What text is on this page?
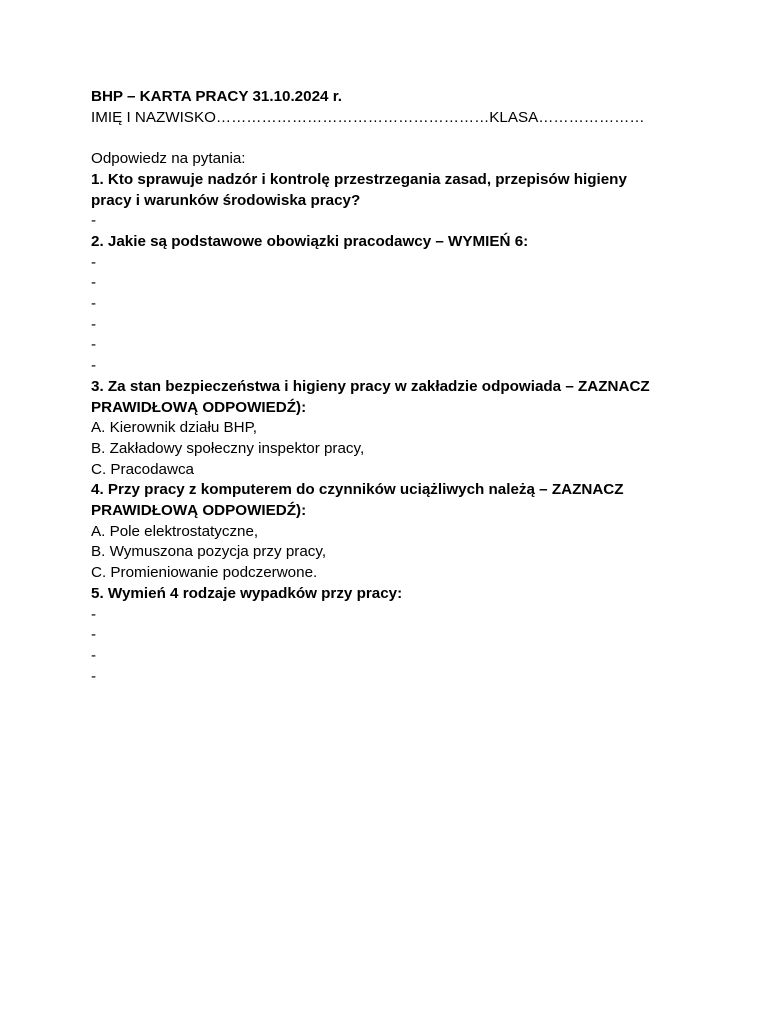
BHP – KARTA PRACY 31.10.2024 r.
IMIĘ I NAZWISKO………………………………………………KLASA…………………
Odpowiedz na pytania:
1. Kto sprawuje nadzór i kontrolę przestrzegania zasad, przepisów higieny
pracy i warunków środowiska pracy?
-
2. Jakie są podstawowe obowiązki pracodawcy – WYMIEŃ 6:
-
-
-
-
-
-
3. Za stan bezpieczeństwa i higieny pracy w zakładzie odpowiada – ZAZNACZ
PRAWIDŁOWĄ ODPOWIEDŹ):
A. Kierownik działu BHP,
B. Zakładowy społeczny inspektor pracy,
C. Pracodawca
4. Przy pracy z komputerem do czynników uciążliwych należą – ZAZNACZ
PRAWIDŁOWĄ ODPOWIEDŹ):
A. Pole elektrostatyczne,
B. Wymuszona pozycja przy pracy,
C. Promieniowanie podczerwone.
5. Wymień 4 rodzaje wypadków przy pracy:
-
-
-
-
